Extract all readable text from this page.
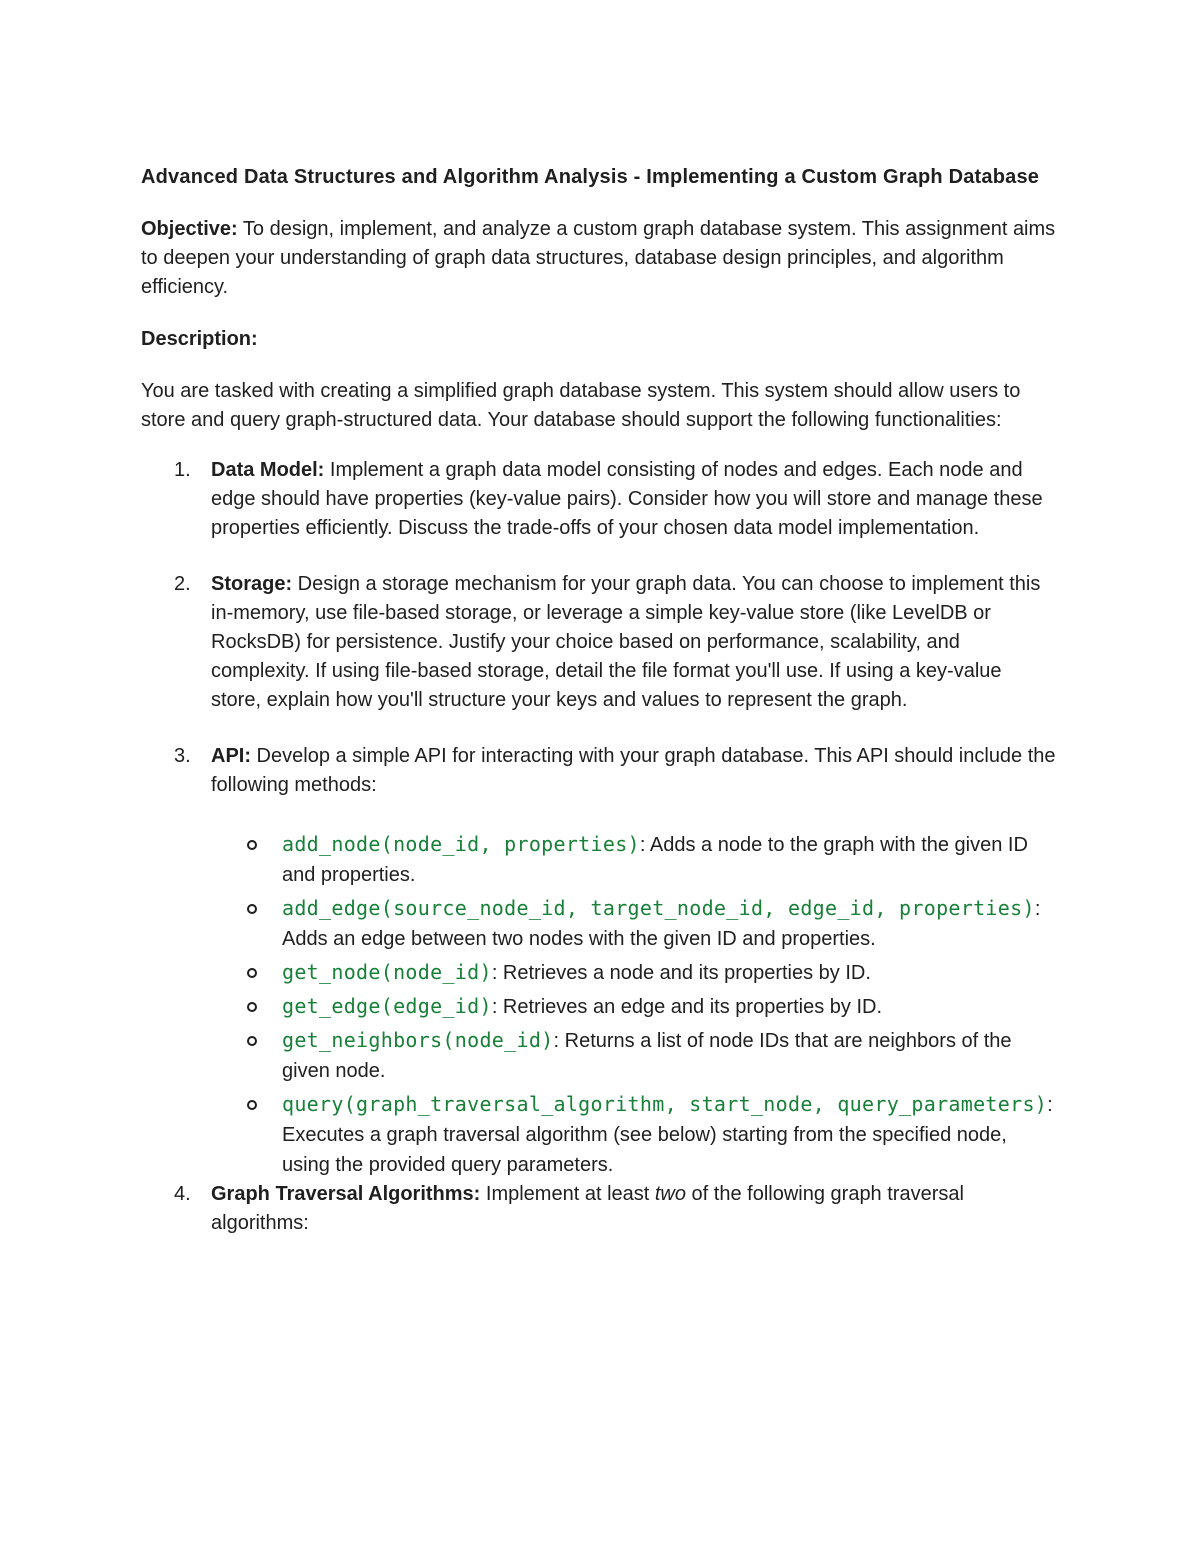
Advanced Data Structures and Algorithm Analysis - Implementing a Custom Graph Database

Objective: To design, implement, and analyze a custom graph database system. This assignment aims to deepen your understanding of graph data structures, database design principles, and algorithm efficiency.

Description:

You are tasked with creating a simplified graph database system. This system should allow users to store and query graph-structured data. Your database should support the following functionalities:

1. Data Model: Implement a graph data model consisting of nodes and edges. Each node and edge should have properties (key-value pairs). Consider how you will store and manage these properties efficiently. Discuss the trade-offs of your chosen data model implementation.
2. Storage: Design a storage mechanism for your graph data. You can choose to implement this in-memory, use file-based storage, or leverage a simple key-value store (like LevelDB or RocksDB) for persistence. Justify your choice based on performance, scalability, and complexity. If using file-based storage, detail the file format you'll use. If using a key-value store, explain how you'll structure your keys and values to represent the graph.
3. API: Develop a simple API for interacting with your graph database. This API should include the following methods:
add_node(node_id, properties): Adds a node to the graph with the given ID and properties.
add_edge(source_node_id, target_node_id, edge_id, properties): Adds an edge between two nodes with the given ID and properties.
get_node(node_id): Retrieves a node and its properties by ID.
get_edge(edge_id): Retrieves an edge and its properties by ID.
get_neighbors(node_id): Returns a list of node IDs that are neighbors of the given node.
query(graph_traversal_algorithm, start_node, query_parameters): Executes a graph traversal algorithm (see below) starting from the specified node, using the provided query parameters.
4. Graph Traversal Algorithms: Implement at least two of the following graph traversal algorithms:
